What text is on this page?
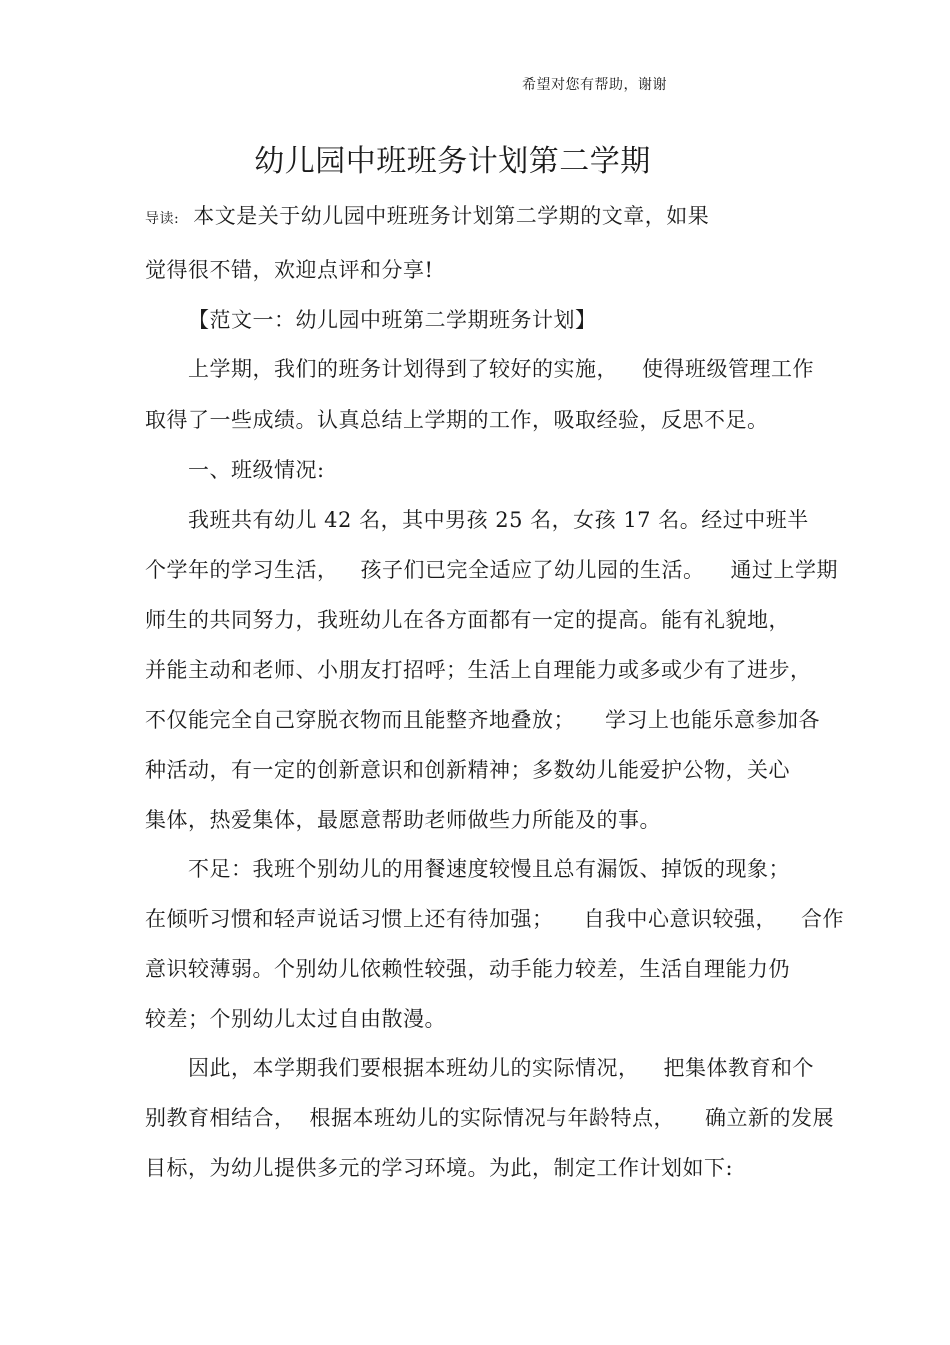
希望对您有帮助，谢谢
幼儿园中班班务计划第二学期
导读: 本文是关于幼儿园中班班务计划第二学期的文章，如果
觉得很不错，欢迎点评和分享!
【范文一：幼儿园中班第二学期班务计划】
上学期，我们的班务计划得到了较好的实施， 使得班级管理工作
取得了一些成绩。认真总结上学期的工作，吸取经验，反思不足。
一、班级情况:
我班共有幼儿 42 名，其中男孩 25 名，女孩 17 名。经过中班半
个学年的学习生活， 孩子们已完全适应了幼儿园的生活。 通过上学期
师生的共同努力，我班幼儿在各方面都有一定的提高。能有礼貌地，
并能主动和老师、小朋友打招呼；生活上自理能力或多或少有了进步，
不仅能完全自己穿脱衣物而且能整齐地叠放； 学习上也能乐意参加各
种活动，有一定的创新意识和创新精神；多数幼儿能爱护公物，关心
集体，热爱集体，最愿意帮助老师做些力所能及的事。
不足：我班个别幼儿的用餐速度较慢且总有漏饭、掉饭的现象；
在倾听习惯和轻声说话习惯上还有待加强； 自我中心意识较强， 合作
意识较薄弱。个别幼儿依赖性较强，动手能力较差，生活自理能力仍
较差；个别幼儿太过自由散漫。
因此，本学期我们要根据本班幼儿的实际情况， 把集体教育和个
别教育相结合， 根据本班幼儿的实际情况与年龄特点， 确立新的发展
目标，为幼儿提供多元的学习环境。为此，制定工作计划如下:
